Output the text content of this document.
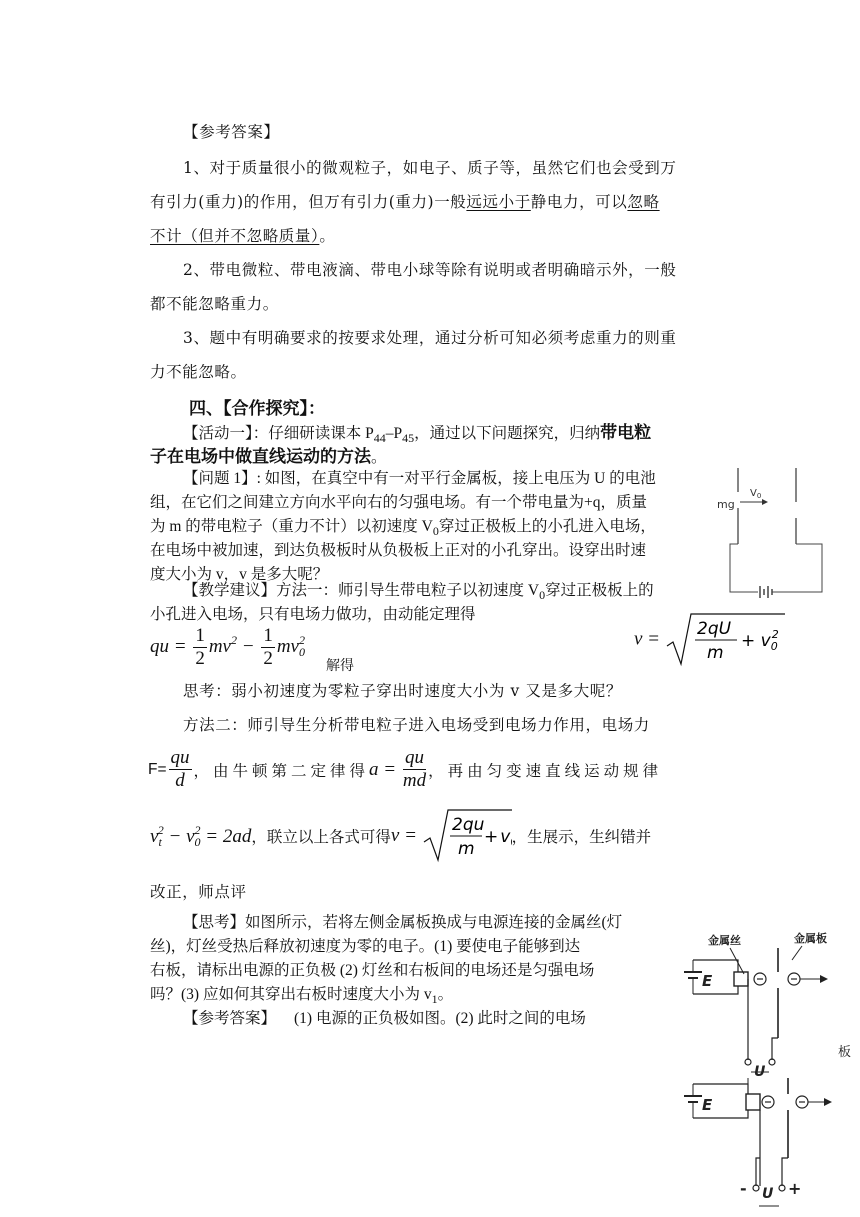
【参考答案】
1、对于质量很小的微观粒子，如电子、质子等，虽然它们也会受到万
有引力(重力)的作用，但万有引力(重力)一般远远小于静电力，可以忽略
不计（但并不忽略质量）。
2、带电微粒、带电液滴、带电小球等除有说明或者明确暗示外，一般
都不能忽略重力。
3、题中有明确要求的按要求处理，通过分析可知必须考虑重力的则重
力不能忽略。
四、【合作探究】：
【活动一】：仔细研读课本 $P_{44}-P_{45}$，通过以下问题探究，归纳带电粒
子在电场中做直线运动的方法。
【问题 1】: 如图，在真空中有一对平行金属板，接上电压为 U 的电池
组，在它们之间建立方向水平向右的匀强电场。有一个带电量为+q，质量
为 m 的带电粒子（重力不计）以初速度 $V_0$穿过正极板上的小孔进入电场，
在电场中被加速，到达负极板时从负极板上正对的小孔穿出。设穿出时速
度大小为 v，v 是多大呢？
mg
$V_0$
【教学建议】方法一：师引导生带电粒子以初速度 $V_0$穿过正极板上的
小孔进入电场，只有电场力做功，由动能定理得
qu = $\frac{1}{2} mv^2 - \frac{1}{2} mv_0^2$
解得
v = 2qU
m
+ $v_02$
思考：弱小初速度为零粒子穿出时速度大小为 v 又是多大呢？
方法二：师引导生分析带电粒子进入电场受到电场力作用，电场力
$F= \frac{qu}{d}$ ，由牛顿第二定律得$a = \frac{qu}{md}$ ，再由匀变速直线运动规律
$v_t^2 - v_0^2 = 2ad$，联立以上各式可得v = 2qu
m
+ v ，生展示，生纠错并
改正，师点评
【思考】如图所示，若将左侧金属板换成与电源连接的金属丝(灯
丝)，灯丝受热后释放初速度为零的电子。(1) 要使电子能够到达
右板，请标出电源的正负极 (2) 灯丝和右板间的电场还是匀强电场
吗？(3) 应如何其穿出右板时速度大小为 $v_1$。
【参考答案】 (1) 电源的正负极如图。(2) 此时之间的电场
金属丝	金属板
E
U
板
E
-	+
U
